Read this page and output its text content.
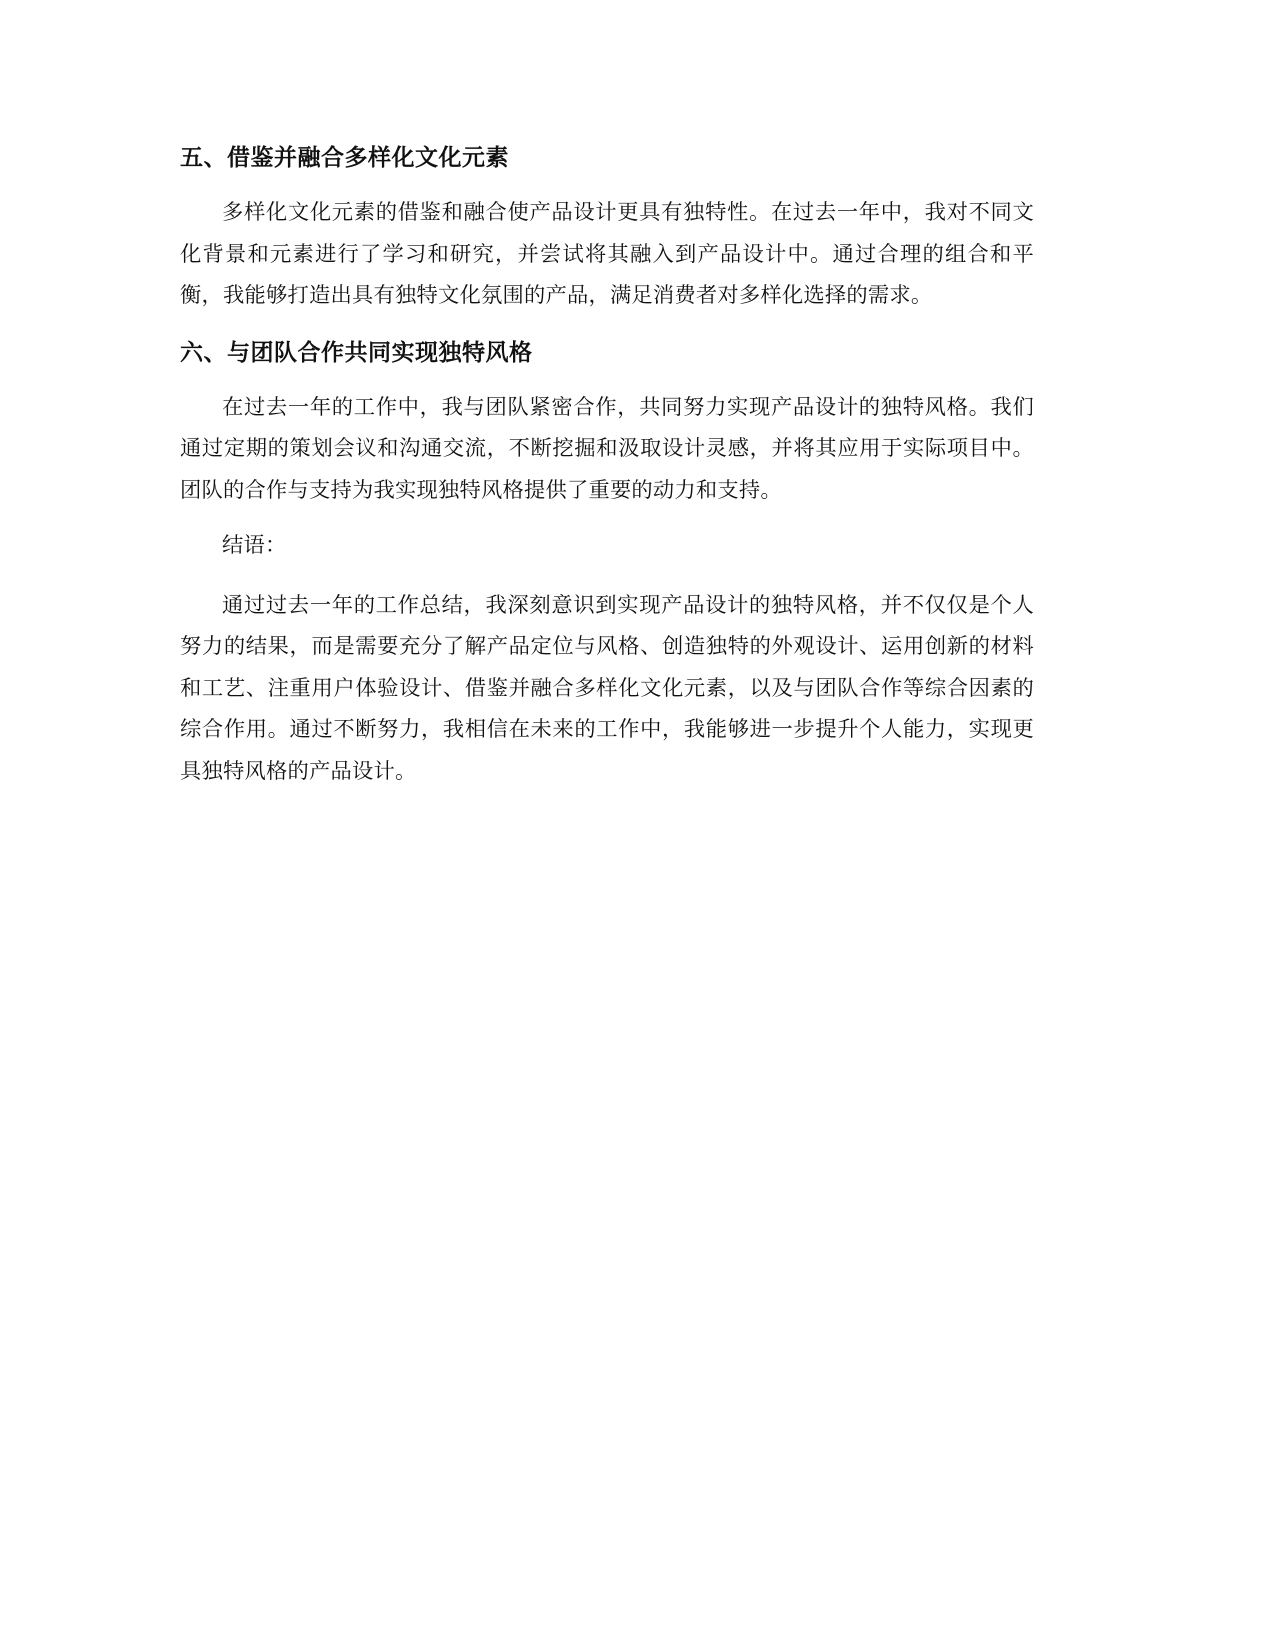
五、借鉴并融合多样化文化元素

多样化文化元素的借鉴和融合使产品设计更具有独特性。在过去一年中，我对不同文化背景和元素进行了学习和研究，并尝试将其融入到产品设计中。通过合理的组合和平衡，我能够打造出具有独特文化氛围的产品，满足消费者对多样化选择的需求。

六、与团队合作共同实现独特风格

在过去一年的工作中，我与团队紧密合作，共同努力实现产品设计的独特风格。我们通过定期的策划会议和沟通交流，不断挖掘和汲取设计灵感，并将其应用于实际项目中。团队的合作与支持为我实现独特风格提供了重要的动力和支持。

结语：

通过过去一年的工作总结，我深刻意识到实现产品设计的独特风格，并不仅仅是个人努力的结果，而是需要充分了解产品定位与风格、创造独特的外观设计、运用创新的材料和工艺、注重用户体验设计、借鉴并融合多样化文化元素，以及与团队合作等综合因素的综合作用。通过不断努力，我相信在未来的工作中，我能够进一步提升个人能力，实现更具独特风格的产品设计。
